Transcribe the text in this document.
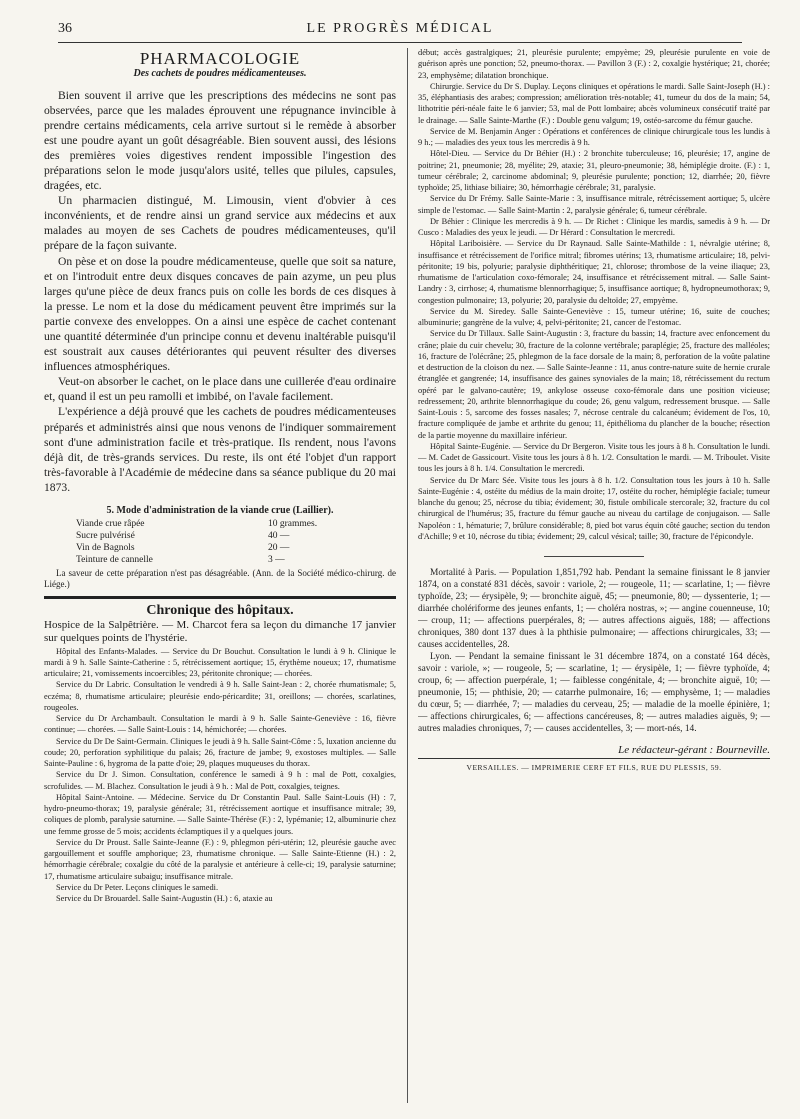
36	LE PROGRÈS MÉDICAL
PHARMACOLOGIE
Des cachets de poudres médicamenteuses.

Bien souvent il arrive que les prescriptions des médecins ne sont pas observées, parce que les malades éprouvent une répugnance invincible à prendre certains médicaments, cela arrive surtout si le remède à absorber est une poudre ayant un goût désagréable. Bien souvent aussi, des lésions des premières voies digestives rendent impossible l'ingestion des préparations selon le mode jusqu'alors usité, telles que pilules, capsules, dragées, etc.

Un pharmacien distingué, M. Limousin, vient d'obvier à ces inconvénients, et de rendre ainsi un grand service aux médecins et aux malades au moyen de ses Cachets de poudres médicamenteuses, qu'il prépare de la façon suivante.

On pèse et on dose la poudre médicamenteuse, quelle que soit sa nature, et on l'introduit entre deux disques concaves de pain azyme, un peu plus larges qu'une pièce de deux francs puis on colle les bords de ces disques à la presse. Le nom et la dose du médicament peuvent être imprimés sur la partie convexe des enveloppes. On a ainsi une espèce de cachet contenant une quantité déterminée d'un principe connu et devenu inaltérable puisqu'il est soustrait aux causes détériorantes qui peuvent résulter des diverses influences atmosphériques.

Veut-on absorber le cachet, on le place dans une cuillerée d'eau ordinaire et, quand il est un peu ramolli et imbibé, on l'avale facilement.

L'expérience a déjà prouvé que les cachets de poudres médicamenteuses préparés et administrés ainsi que nous venons de l'indiquer sommairement sont d'une administration facile et très-pratique. Ils rendent, nous l'avons déjà dit, de très-grands services. Du reste, ils ont été l'objet d'un rapport très-favorable à l'Académie de médecine dans sa séance publique du 20 mai 1873.

5. Mode d'administration de la viande crue (Laillier).
Viande crue râpée	10 grammes.
Sucre pulvérisé	40 —
Vin de Bagnols	20 —
Teinture de cannelle	3 —

La saveur de cette préparation n'est pas désagréable. (Ann. de la Société médico-chirurg. de Liége.)

Chronique des hôpitaux.

Hospice de la Salpêtrière. — M. Charcot fera sa leçon du dimanche 17 janvier sur quelques points de l'hystérie.

Hôpital des Enfants-Malades. — Service du Dr Bouchut. Consultation le lundi à 9 h. Clinique le mardi à 9 h. Salle Sainte-Catherine : 5, rétrécissement aortique; 15, érythème noueux; 17, rhumatisme articulaire; 21, vomissements incoercibles; 23, péritonite chronique; — chorées.

Service du Dr Labric. Consultation le vendredi à 9 h. Salle Saint-Jean : 2, chorée rhumatismale; 5, eczéma; 8, rhumatisme articulaire; pleurésie endo-péricardite; 31, oreillons; — chorées, scarlatines, rougeoles.

Service du Dr Archambault. Consultation le mardi à 9 h. Salle Sainte-Geneviève : 16, fièvre continue; — chorées. — Salle Saint-Louis : 14, hémichorée; — chorées.

Service du Dr De Saint-Germain. Cliniques le jeudi à 9 h. Salle Saint-Côme : 5, luxation ancienne du coude; 20, perforation syphilitique du palais; 26, fracture de jambe; 9, exostoses multiples. — Salle Sainte-Pauline : 6, hygroma de la patte d'oie; 29, plaques muqueuses du thorax.

Service du Dr J. Simon. Consultation, conférence le samedi à 9 h : mal de Pott, coxalgies, scrofulides. — M. Blachez. Consultation le jeudi à 9 h. : Mal de Pott, coxalgies, teignes.

Hôpital Saint-Antoine. — Médecine. Service du Dr Constantin Paul. Salle Saint-Louis (H) : 7, hydro-pneumo-thorax; 19, paralysie générale; 31, rétrécissement aortique et insuffisance mitrale; 39, coliques de plomb, paralysie saturnine. — Salle Sainte-Thérèse (F.) : 2, lypémanie; 12, albuminurie chez une femme grosse de 5 mois; accidents éclamptiques il y a quelques jours.

Service du Dr Proust. Salle Sainte-Jeanne (F.) : 9, phlegmon péri-utérin; 12, pleurésie gauche avec gargouillement et souffle amphorique; 23, rhumatisme chronique. — Salle Sainte-Etienne (H.) : 2, hémorrhagie cérébrale; coxalgie du côté de la paralysie et antérieure à celle-ci; 19, paralysie saturnine; 17, rhumatisme articulaire subaigu; insuffisance mitrale.

Service du Dr Peter. Leçons cliniques le samedi.

Service du Dr Brouardel. Salle Saint-Augustin (H.) : 6, ataxie au

début; accès gastralgiques; 21, pleurésie purulente; empyème; 29, pleurésie purulente en voie de guérison après une ponction; 52, pneumo-thorax. — Pavillon 3 (F.) : 2, coxalgie hystérique; 21, chorée; 23, emphysème; dilatation bronchique.

Chirurgie. Service du Dr S. Duplay. Leçons cliniques et opérations le mardi. Salle Saint-Joseph (H.) : 35, éléphantiasis des arabes; compression; amélioration très-notable; 41, tumeur du dos de la main; 54, lithotritie péri-néale faite le 6 janvier; 53, mal de Pott lombaire; abcès volumineux consécutif traité par le drainage. — Salle Sainte-Marthe (F.) : Double genu valgum; 19, ostéo-sarcome du fémur gauche.

Service de M. Benjamin Anger : Opérations et conférences de clinique chirurgicale tous les lundis à 9 h.; — maladies des yeux tous les mercredis à 9 h.

Hôtel-Dieu. — Service du Dr Béhier (H.) : 2 bronchite tuberculeuse; 16, pleurésie; 17, angine de poitrine; 21, pneumonie; 28, myélite; 29, ataxie; 31, pleuro-pneumonie; 38, hémiplégie droite. (F.) : 1, tumeur cérébrale; 2, carcinome abdominal; 9, pleurésie purulente; ponction; 12, diarrhée; 20, fièvre typhoïde; 25, lithiase biliaire; 30, hémorrhagie cérébrale; 31, paralysie.

Service du Dr Frémy. Salle Sainte-Marie : 3, insuffisance mitrale, rétrécissement aortique; 5, ulcère simple de l'estomac. — Salle Saint-Martin : 2, paralysie générale; 6, tumeur cérébrale.

Dr Béhier : Clinique les mercredis à 9 h. — Dr Richet : Clinique les mardis, samedis à 9 h. — Dr Cusco : Maladies des yeux le jeudi. — Dr Hérard : Consultation le mercredi.

Hôpital Lariboisière. — Service du Dr Raynaud. Salle Sainte-Mathilde : 1, névralgie utérine; 8, insuffisance et rétrécissement de l'orifice mitral; fibromes utérins; 13, rhumatisme articulaire; 18, pelvi-péritonite; 19 bis, polyurie; paralysie diphthéritique; 21, chlorose; thrombose de la veine iliaque; 23, rhumatisme de l'articulation coxo-fémorale; 24, insuffisance et rétrécissement mitral. — Salle Saint-Landry : 3, cirrhose; 4, rhumatisme blennorrhagique; 5, insuffisance aortique; 8, hydropneumothorax; 9, congestion pulmonaire; 13, polyurie; 20, paralysie du deltoïde; 27, empyème.

Service du M. Siredey. Salle Sainte-Geneviève : 15, tumeur utérine; 16, suite de couches; albuminurie; gangrène de la vulve; 4, pelvi-péritonite; 21, cancer de l'estomac.

Service du Dr Tillaux. Salle Saint-Augustin : 3, fracture du bassin; 14, fracture avec enfoncement du crâne; plaie du cuir chevelu; 30, fracture de la colonne vertébrale; paraplégie; 25, fracture des malléoles; 16, fracture de l'olécrâne; 25, phlegmon de la face dorsale de la main; 8, perforation de la voûte palatine et destruction de la cloison du nez. — Salle Sainte-Jeanne : 11, anus contre-nature suite de hernie crurale étranglée et gangrenée; 14, insuffisance des gaines synoviales de la main; 18, rétrécissement du rectum opéré par le galvano-cautère; 19, ankylose osseuse coxo-fémorale dans une position vicieuse; redressement; 20, arthrite blennorrhagique du coude; 26, genu valgum, redressement brusque. — Salle Saint-Louis : 5, sarcome des fosses nasales; 7, nécrose centrale du calcanéum; évidement de l'os, 10, fracture compliquée de jambe et arthrite du genou; 11, épithélioma du plancher de la bouche; résection de la partie moyenne du maxillaire inférieur.

Hôpital Sainte-Eugénie. — Service du Dr Bergeron. Visite tous les jours à 8 h. Consultation le lundi. — M. Cadet de Gassicourt. Visite tous les jours à 8 h. 1/2. Consultation le mardi. — M. Triboulet. Visite tous les jours à 8 h. 1/4. Consultation le mercredi.

Service du Dr Marc Sée. Visite tous les jours à 8 h. 1/2. Consultation tous les jours à 10 h. Salle Sainte-Eugénie : 4, ostéite du médius de la main droite; 17, ostéite du rocher, hémiplégie faciale; tumeur blanche du genou; 25, nécrose du tibia; évidement; 30, fistule ombilicale stercorale; 32, fracture du col chirurgical de l'humérus; 35, fracture du fémur gauche au niveau du cartilage de conjugaison. — Salle Napoléon : 1, hématurie; 7, brûlure considérable; 8, pied bot varus équin côté gauche; section du tendon d'Achille; 9 et 10, nécrose du tibia; évidement; 29, calcul vésical; taille; 30, fracture de l'épicondyle.

Mortalité à Paris. — Population 1,851,792 hab. Pendant la semaine finissant le 8 janvier 1874, on a constaté 831 décès, savoir : variole, 2; — rougeole, 11; — scarlatine, 1; — fièvre typhoïde, 23; — érysipèle, 9; — bronchite aiguë, 45; — pneumonie, 80; — dyssenterie, 1; — diarrhée cholériforme des jeunes enfants, 1; — choléra nostras, »; — angine couenneuse, 10; — croup, 11; — affections puerpérales, 8; — autres affections aiguës, 188; — affections chroniques, 380 dont 137 dues à la phthisie pulmonaire; — affections chirurgicales, 33; — causes accidentelles, 28.

Lyon. — Pendant la semaine finissant le 31 décembre 1874, on a constaté 164 décès, savoir : variole, »; — rougeole, 5; — scarlatine, 1; — érysipèle, 1; — fièvre typhoïde, 4; croup, 6; — affection puerpérale, 1; — faiblesse congénitale, 4; — bronchite aiguë, 10; — pneumonie, 15; — phthisie, 20; — catarrhe pulmonaire, 16; — emphysème, 1; — maladies du cœur, 5; — diarrhée, 7; — maladies du cerveau, 25; — maladie de la moelle épinière, 1; — affections chirurgicales, 6; — affections cancéreuses, 8; — autres maladies aiguës, 9; — autres maladies chroniques, 7; — causes accidentelles, 3; — mort-nés, 14.

Le rédacteur-gérant : Bourneville.
VERSAILLES. — IMPRIMERIE CERF ET FILS, RUE DU PLESSIS, 59.
